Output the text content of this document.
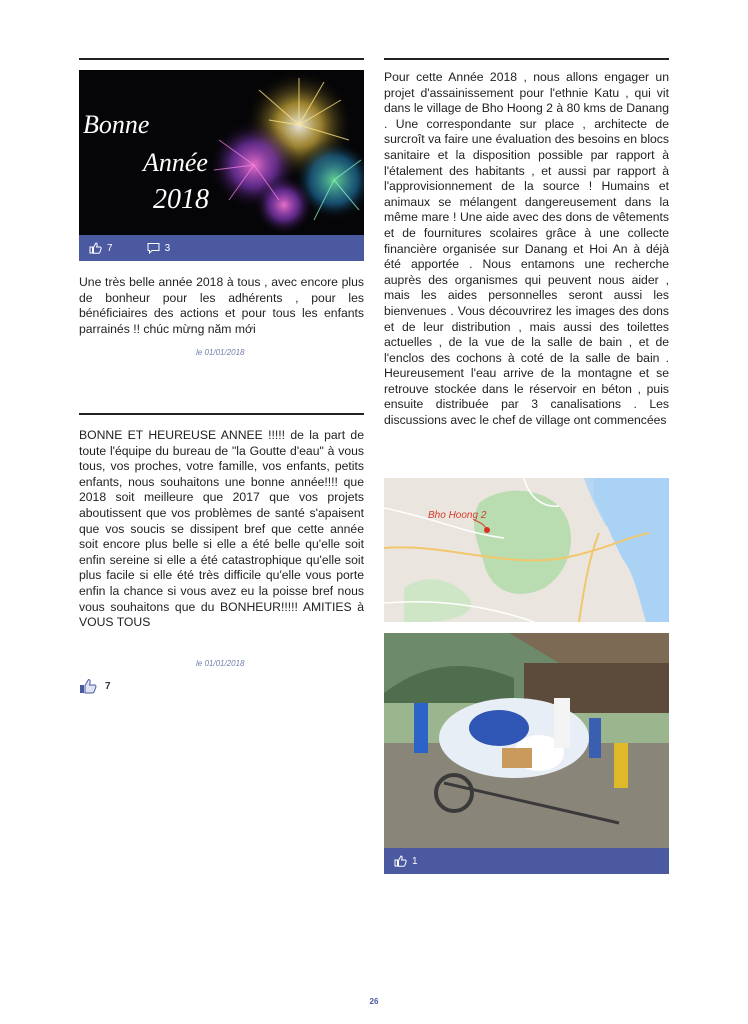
Bonne
Année
2018
7	3
Une très belle année 2018 à tous , avec encore plus de bonheur pour les adhérents , pour les bénéficiaires des actions et pour tous les enfants parrainés !! chúc mừng năm mới
le 01/01/2018
BONNE ET HEUREUSE ANNEE !!!!! de la part de toute l'équipe du bureau de "la Goutte d'eau" à vous tous, vos proches, votre famille, vos enfants, petits enfants, nous souhaitons une bonne année!!!! que 2018 soit meilleure que 2017 que vos projets aboutissent que vos problèmes de santé s'apaisent que vos soucis se dissipent bref que cette année soit encore plus belle si elle a été belle qu'elle soit enfin sereine si elle a été catastrophique qu'elle soit plus facile si elle été très difficile qu'elle vous porte enfin la chance si vous avez eu la poisse bref nous vous souhaitons que du BONHEUR!!!!! AMITIES à VOUS TOUS
le 01/01/2018
7
Pour cette Année 2018 , nous allons engager un projet d'assainissement pour l'ethnie Katu , qui vit dans le village de Bho Hoong 2 à 80 kms de Danang . Une correspondante sur place , architecte de surcroît va faire une évaluation des besoins en blocs sanitaire et la disposition possible par rapport à l'étalement des habitants , et aussi par rapport à l'approvisionnement de la source ! Humains et animaux se mélangent dangereusement dans la même mare ! Une aide avec des dons de vêtements et de fournitures scolaires grâce à une collecte financière organisée sur Danang et Hoi An à déjà été apportée . Nous entamons une recherche auprès des organismes qui peuvent nous aider , mais les aides personnelles seront aussi les bienvenues . Vous découvrirez les images des dons et de leur distribution , mais aussi des toilettes actuelles , de la vue de la salle de bain , et de l'enclos des cochons à coté de la salle de bain . Heureusement l'eau arrive de la montagne et se retrouve stockée dans le réservoir en béton , puis ensuite distribuée par 3 canalisations . Les discussions avec le chef de village ont commencées
Bho Hoong 2
1
26
